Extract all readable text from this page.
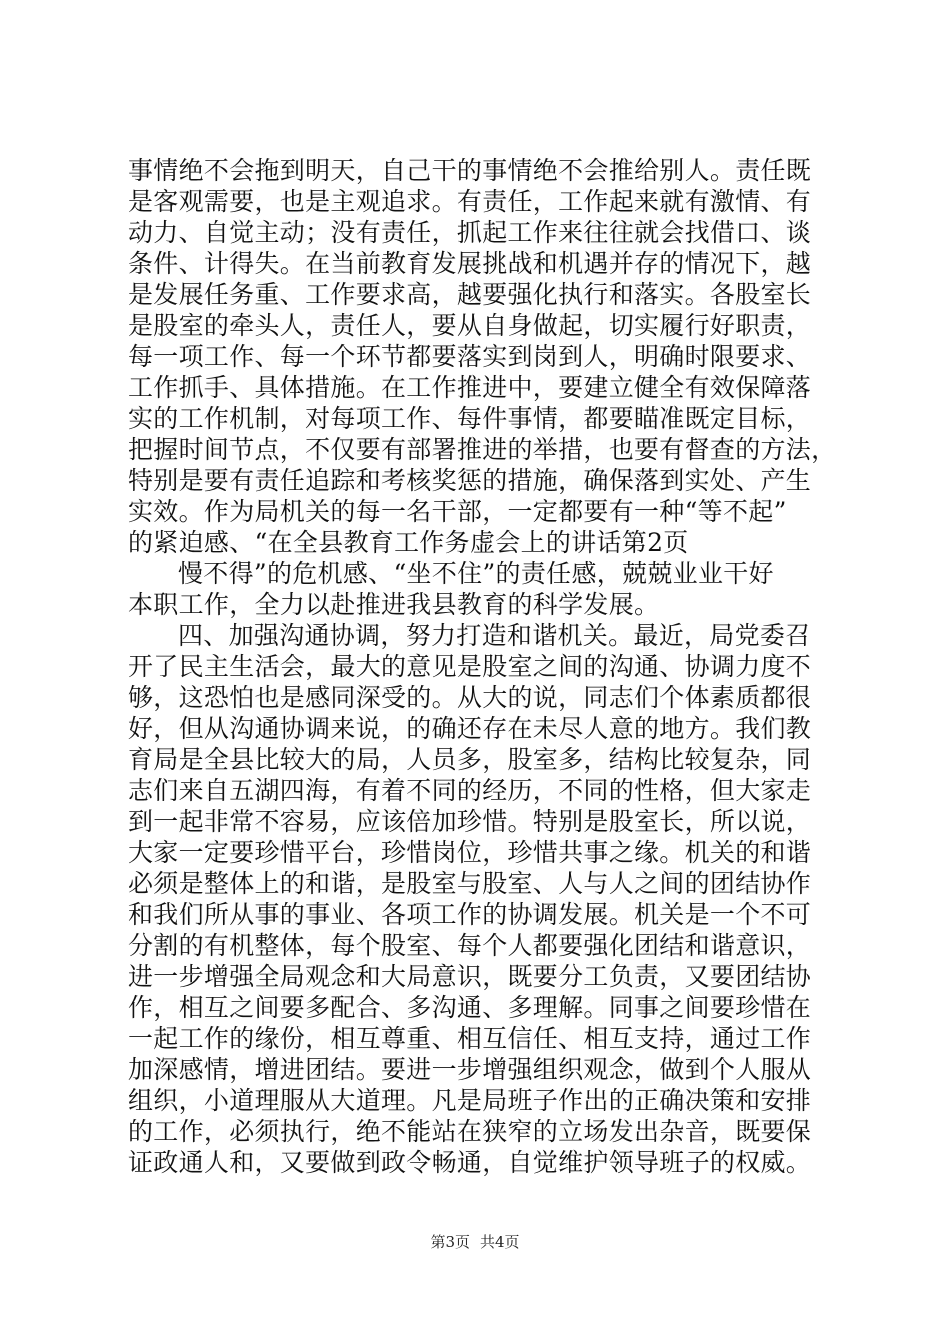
事情绝不会拖到明天，自己干的事情绝不会推给别人。责任既
是客观需要，也是主观追求。有责任，工作起来就有激情、有
动力、自觉主动；没有责任，抓起工作来往往就会找借口、谈
条件、计得失。在当前教育发展挑战和机遇并存的情况下，越
是发展任务重、工作要求高，越要强化执行和落实。各股室长
是股室的牵头人，责任人，要从自身做起，切实履行好职责，
每一项工作、每一个环节都要落实到岗到人，明确时限要求、
工作抓手、具体措施。在工作推进中，要建立健全有效保障落
实的工作机制，对每项工作、每件事情，都要瞄准既定目标，
把握时间节点，不仅要有部署推进的举措，也要有督查的方法，
特别是要有责任追踪和考核奖惩的措施，确保落到实处、产生
实效。作为局机关的每一名干部，一定都要有一种“等不起”
的紧迫感、“在全县教育工作务虚会上的讲话第2页
慢不得”的危机感、“坐不住”的责任感，兢兢业业干好
本职工作，全力以赴推进我县教育的科学发展。
四、加强沟通协调，努力打造和谐机关。最近，局党委召
开了民主生活会，最大的意见是股室之间的沟通、协调力度不
够，这恐怕也是感同深受的。从大的说，同志们个体素质都很
好，但从沟通协调来说，的确还存在未尽人意的地方。我们教
育局是全县比较大的局，人员多，股室多，结构比较复杂，同
志们来自五湖四海，有着不同的经历，不同的性格，但大家走
到一起非常不容易，应该倍加珍惜。特别是股室长，所以说，
大家一定要珍惜平台，珍惜岗位，珍惜共事之缘。机关的和谐
必须是整体上的和谐，是股室与股室、人与人之间的团结协作
和我们所从事的事业、各项工作的协调发展。机关是一个不可
分割的有机整体，每个股室、每个人都要强化团结和谐意识，
进一步增强全局观念和大局意识，既要分工负责，又要团结协
作，相互之间要多配合、多沟通、多理解。同事之间要珍惜在
一起工作的缘份，相互尊重、相互信任、相互支持，通过工作
加深感情，增进团结。要进一步增强组织观念，做到个人服从
组织，小道理服从大道理。凡是局班子作出的正确决策和安排
的工作，必须执行，绝不能站在狭窄的立场发出杂音，既要保
证政通人和，又要做到政令畅通，自觉维护领导班子的权威。
第3页 共4页
